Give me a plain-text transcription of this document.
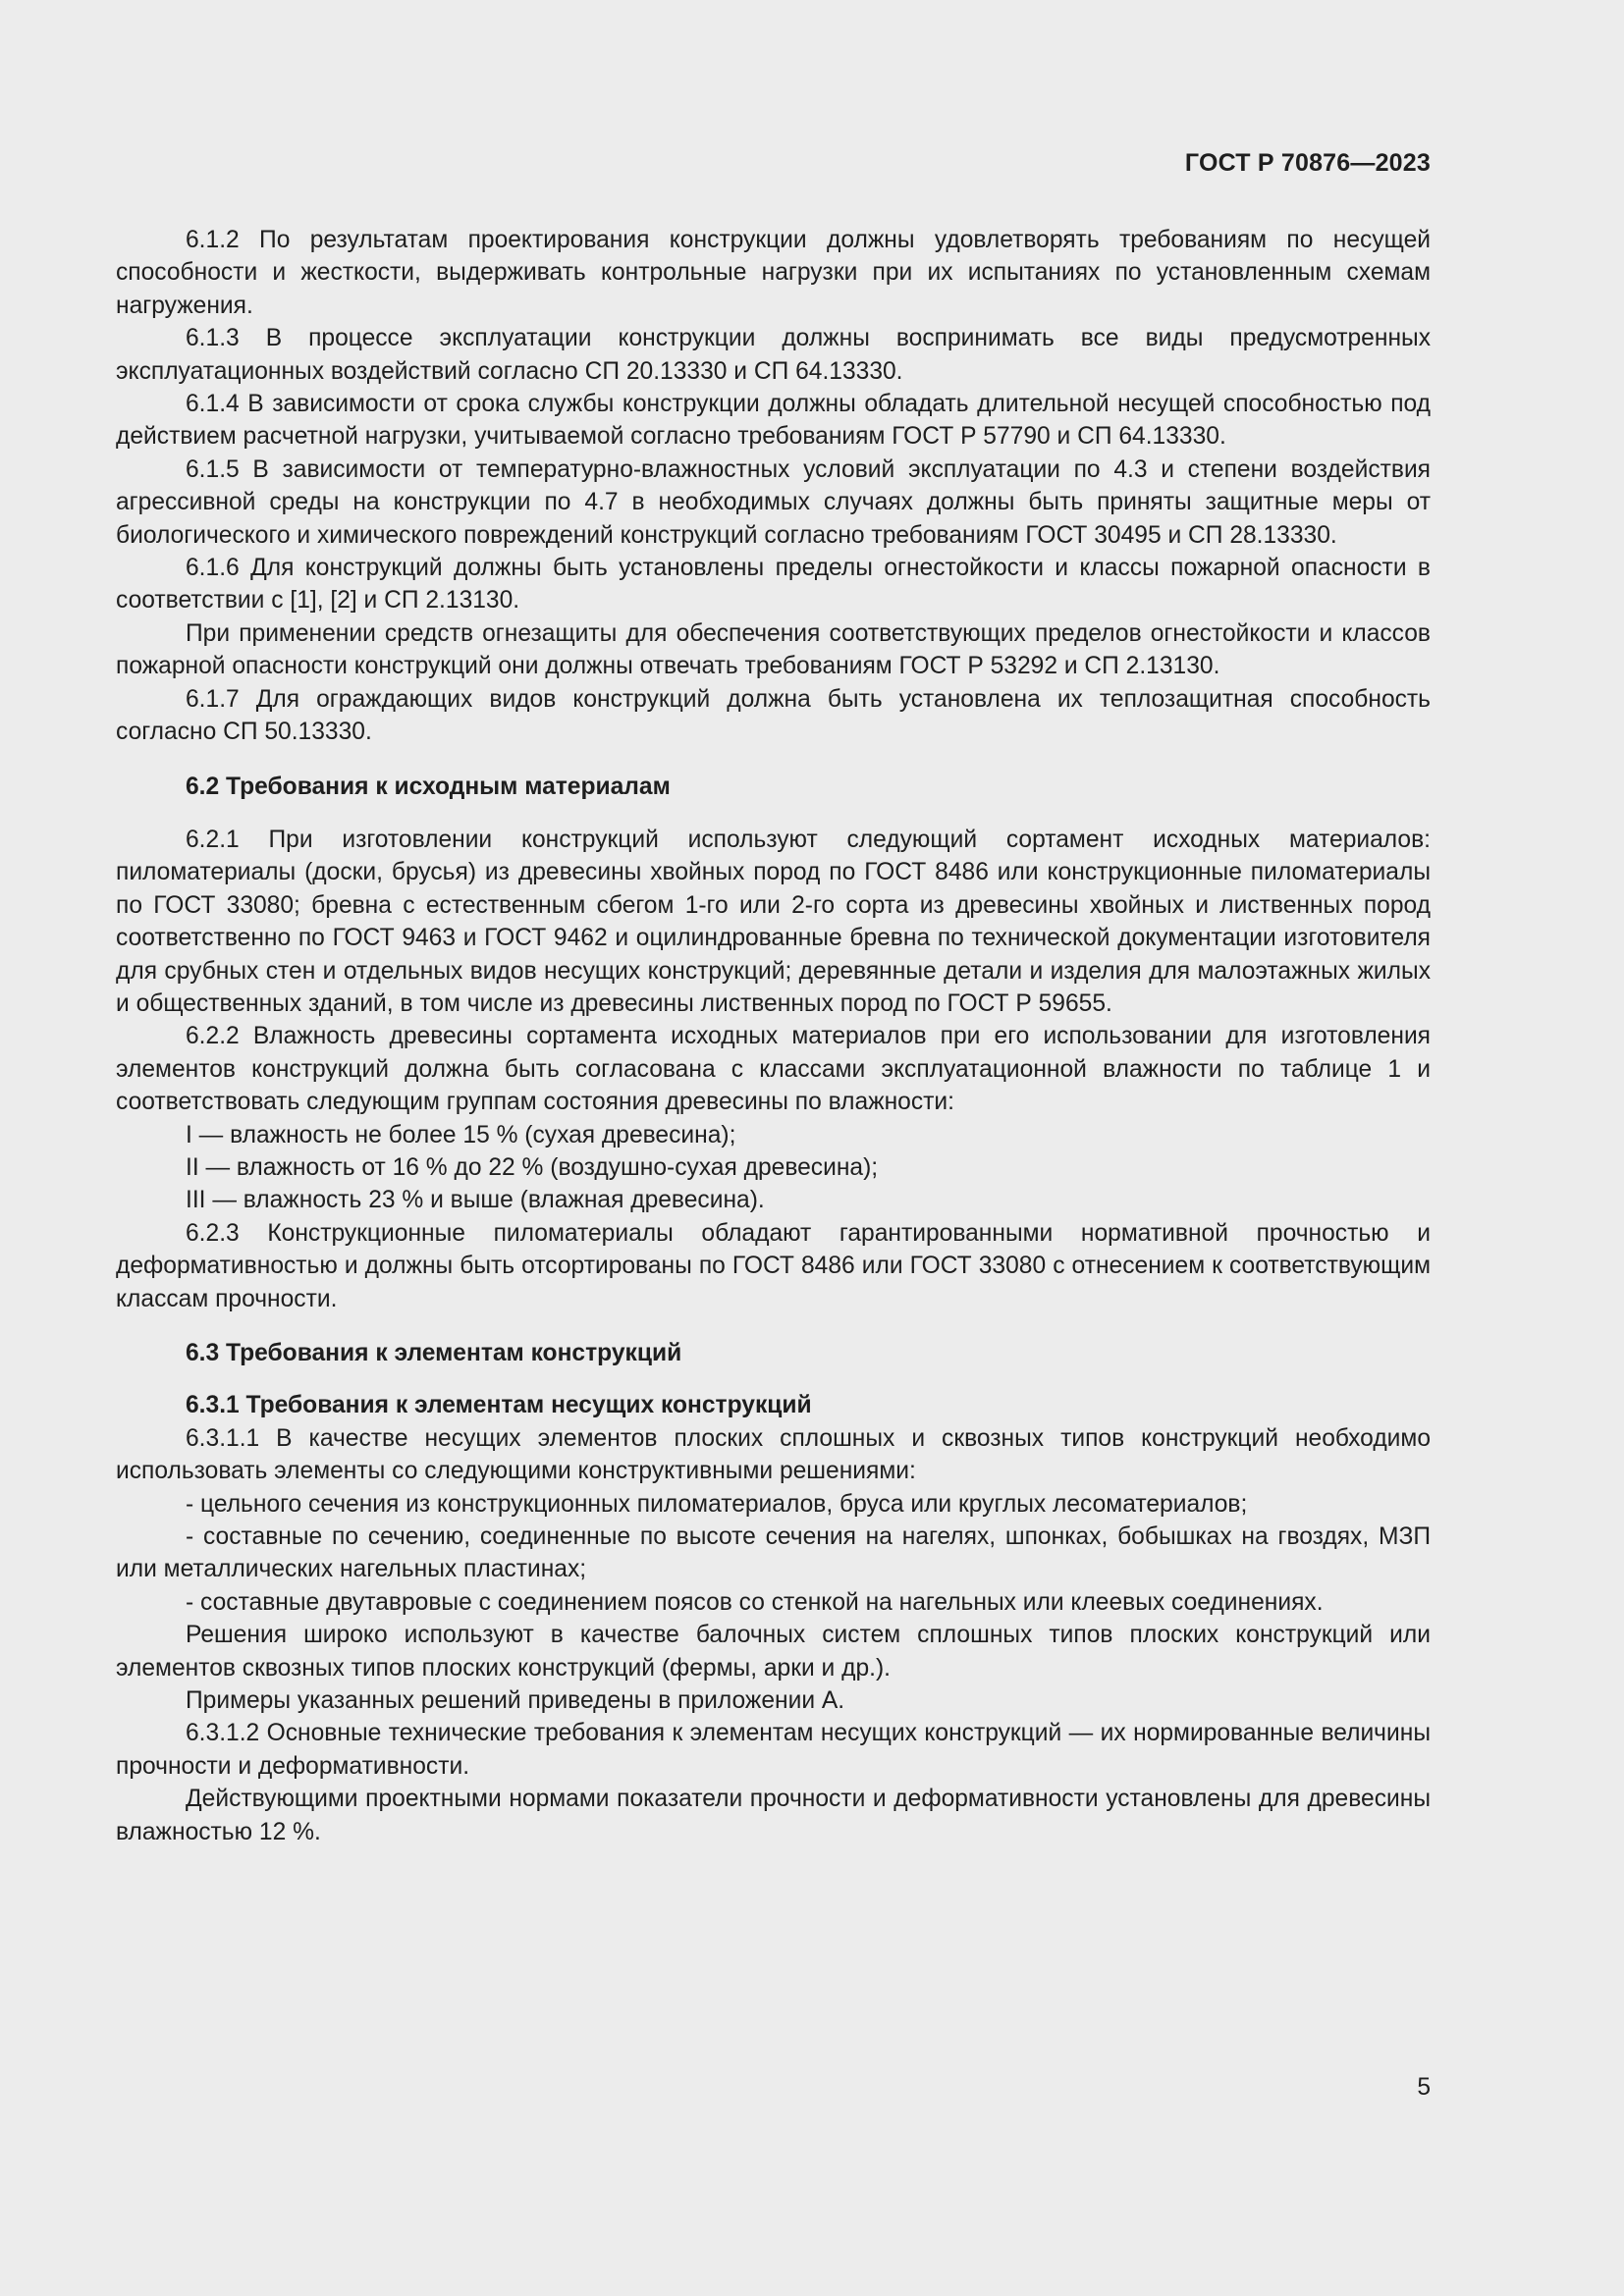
ГОСТ Р 70876—2023

6.1.2 По результатам проектирования конструкции должны удовлетворять требованиям по несущей способности и жесткости, выдерживать контрольные нагрузки при их испытаниях по установленным схемам нагружения.

6.1.3 В процессе эксплуатации конструкции должны воспринимать все виды предусмотренных эксплуатационных воздействий согласно СП 20.13330 и СП 64.13330.

6.1.4 В зависимости от срока службы конструкции должны обладать длительной несущей способностью под действием расчетной нагрузки, учитываемой согласно требованиям ГОСТ Р 57790 и СП 64.13330.

6.1.5 В зависимости от температурно-влажностных условий эксплуатации по 4.3 и степени воздействия агрессивной среды на конструкции по 4.7 в необходимых случаях должны быть приняты защитные меры от биологического и химического повреждений конструкций согласно требованиям ГОСТ 30495 и СП 28.13330.

6.1.6 Для конструкций должны быть установлены пределы огнестойкости и классы пожарной опасности в соответствии с [1], [2] и СП 2.13130.

При применении средств огнезащиты для обеспечения соответствующих пределов огнестойкости и классов пожарной опасности конструкций они должны отвечать требованиям ГОСТ Р 53292 и СП 2.13130.

6.1.7 Для ограждающих видов конструкций должна быть установлена их теплозащитная способность согласно СП 50.13330.

6.2 Требования к исходным материалам

6.2.1 При изготовлении конструкций используют следующий сортамент исходных материалов: пиломатериалы (доски, брусья) из древесины хвойных пород по ГОСТ 8486 или конструкционные пиломатериалы по ГОСТ 33080; бревна с естественным сбегом 1-го или 2-го сорта из древесины хвойных и лиственных пород соответственно по ГОСТ 9463 и ГОСТ 9462 и оцилиндрованные бревна по технической документации изготовителя для срубных стен и отдельных видов несущих конструкций; деревянные детали и изделия для малоэтажных жилых и общественных зданий, в том числе из древесины лиственных пород по ГОСТ Р 59655.

6.2.2 Влажность древесины сортамента исходных материалов при его использовании для изготовления элементов конструкций должна быть согласована с классами эксплуатационной влажности по таблице 1 и соответствовать следующим группам состояния древесины по влажности:

I — влажность не более 15 % (сухая древесина);

II — влажность от 16 % до 22 % (воздушно-сухая древесина);

III — влажность 23 % и выше (влажная древесина).

6.2.3 Конструкционные пиломатериалы обладают гарантированными нормативной прочностью и деформативностью и должны быть отсортированы по ГОСТ 8486 или ГОСТ 33080 с отнесением к соответствующим классам прочности.

6.3 Требования к элементам конструкций
6.3.1 Требования к элементам несущих конструкций

6.3.1.1 В качестве несущих элементов плоских сплошных и сквозных типов конструкций необходимо использовать элементы со следующими конструктивными решениями:

- цельного сечения из конструкционных пиломатериалов, бруса или круглых лесоматериалов;

- составные по сечению, соединенные по высоте сечения на нагелях, шпонках, бобышках на гвоздях, МЗП или металлических нагельных пластинах;

- составные двутавровые с соединением поясов со стенкой на нагельных или клеевых соединениях.

Решения широко используют в качестве балочных систем сплошных типов плоских конструкций или элементов сквозных типов плоских конструкций (фермы, арки и др.).

Примеры указанных решений приведены в приложении А.

6.3.1.2 Основные технические требования к элементам несущих конструкций — их нормированные величины прочности и деформативности.

Действующими проектными нормами показатели прочности и деформативности установлены для древесины влажностью 12 %.

5
